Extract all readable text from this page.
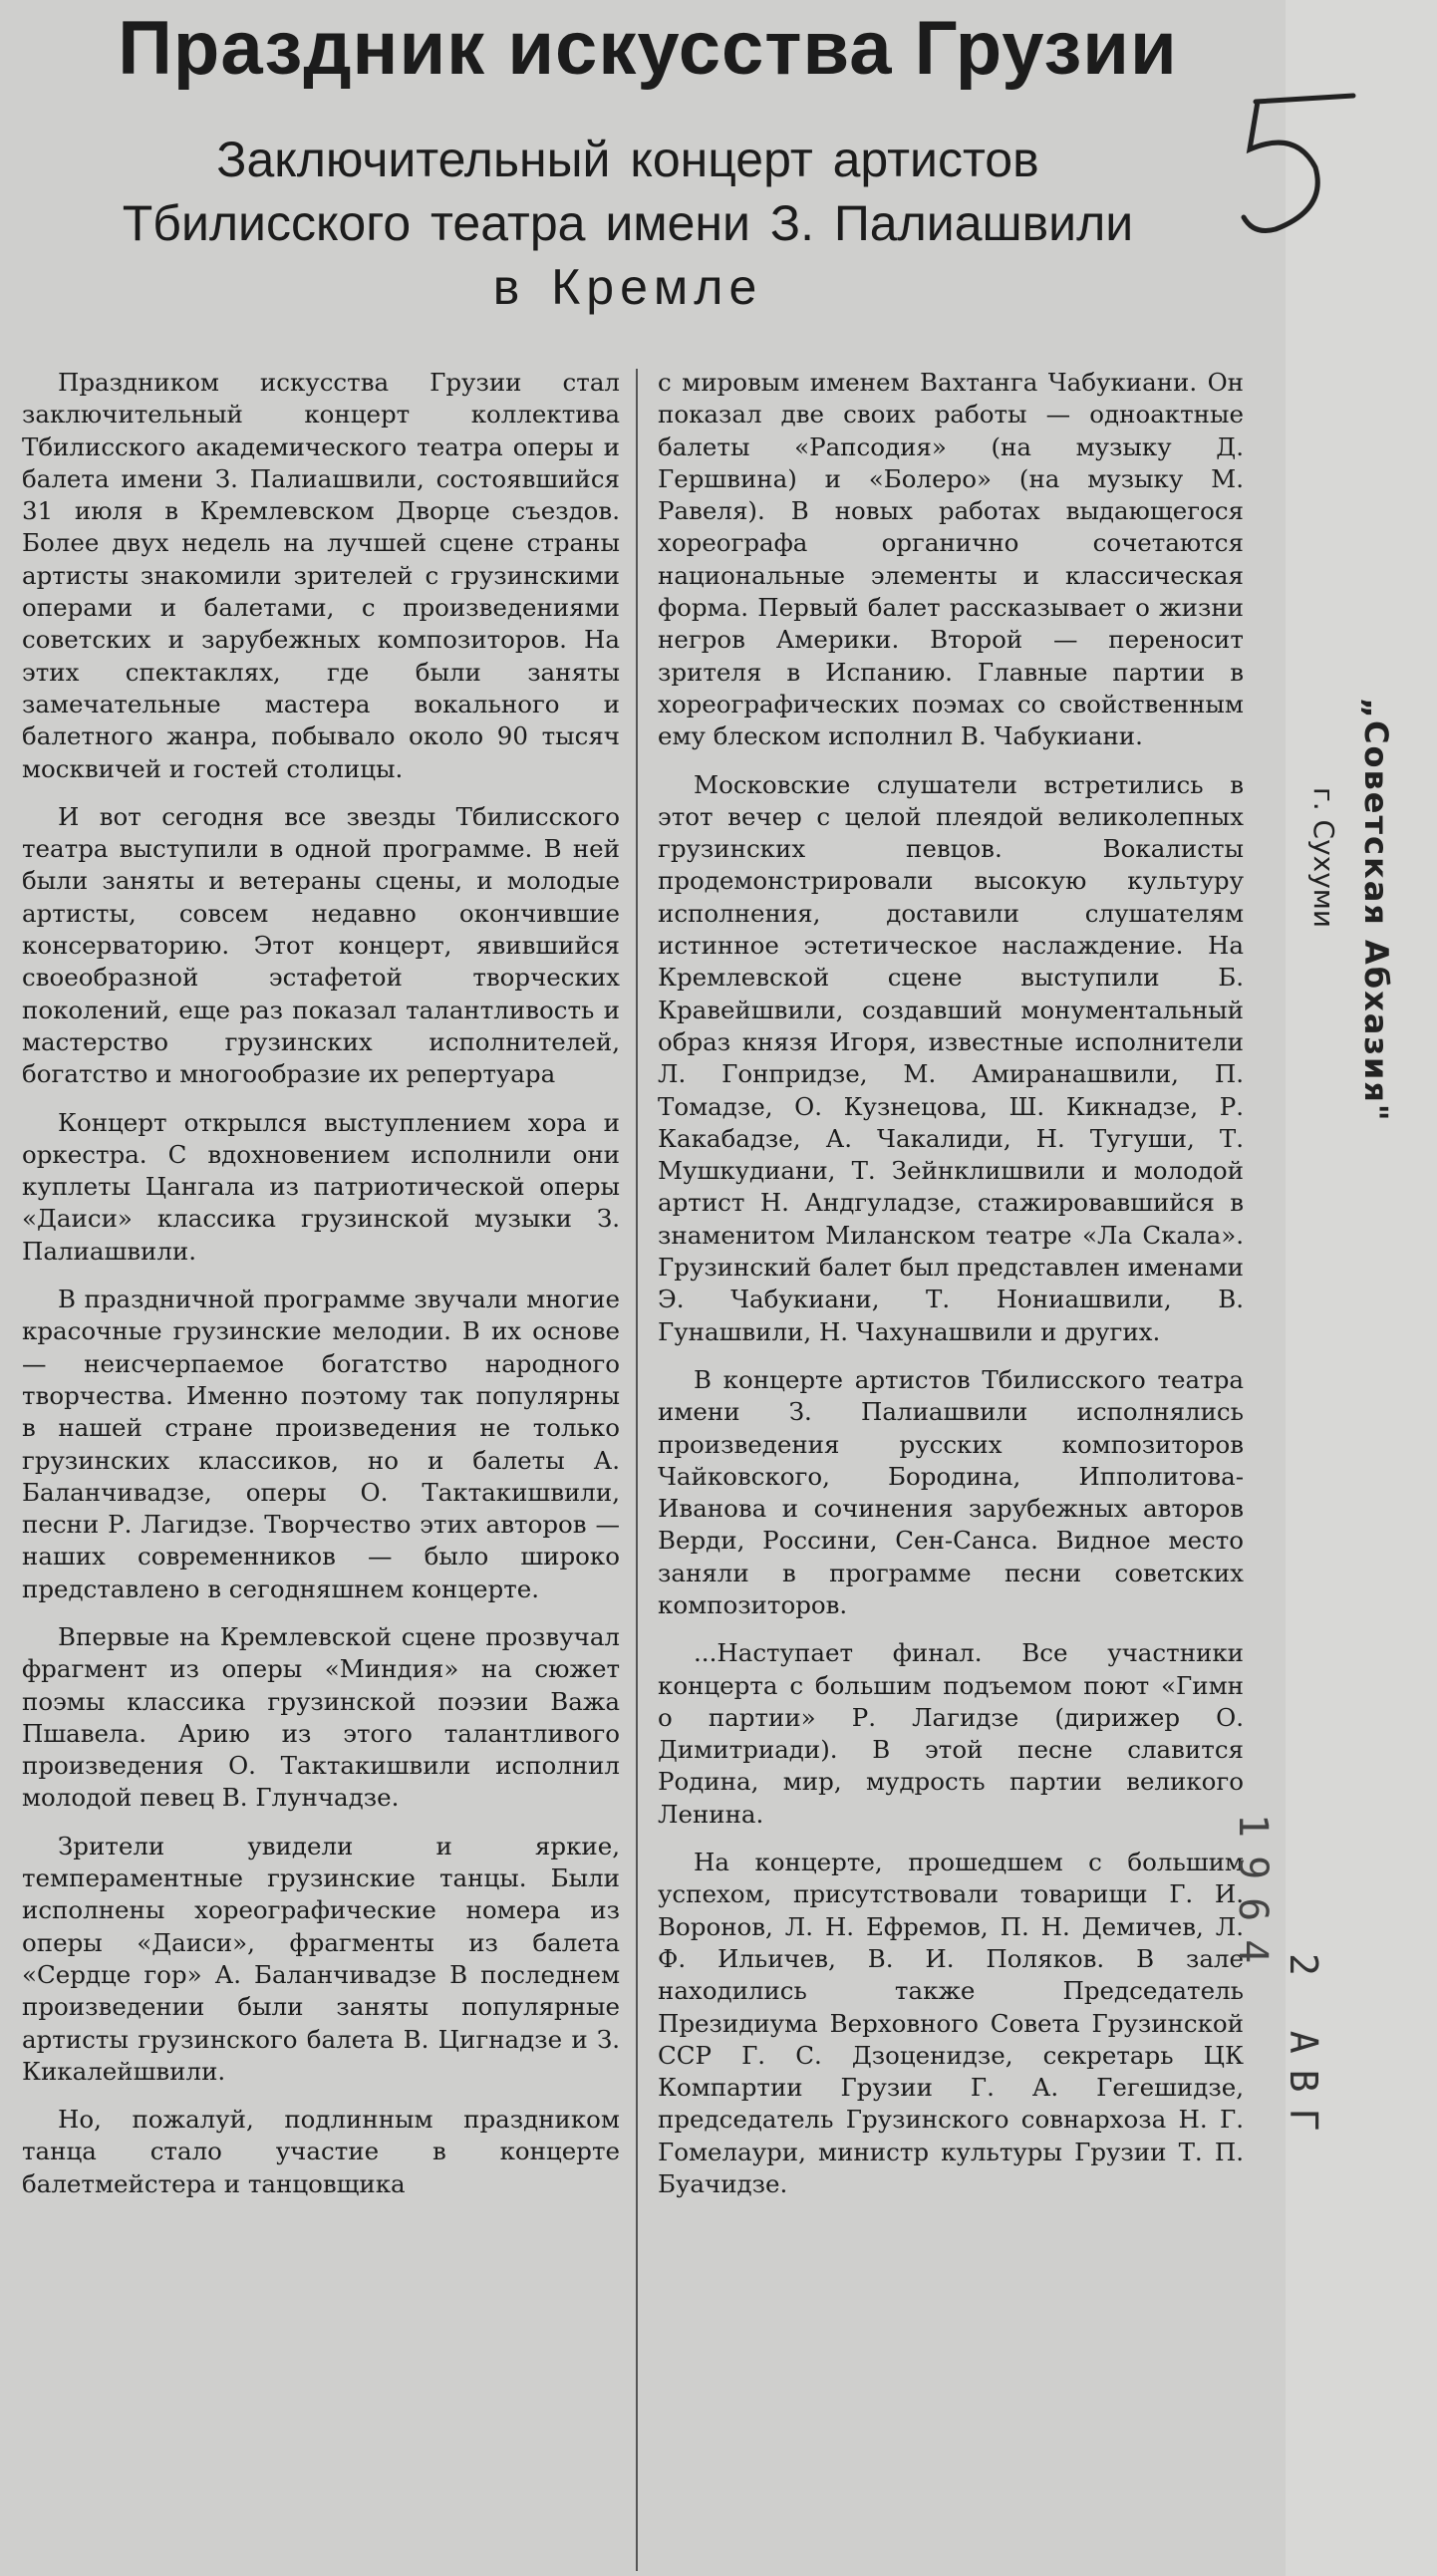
Праздник искусства Грузии
Заключительный концерт артистов
Тбилисского театра имени З. Палиашвили
в Кремле

Праздником искусства Грузии стал заключительный концерт коллектива Тбилисского академического театра оперы и балета имени З. Палиашвили, состоявшийся 31 июля в Кремлевском Дворце съездов. Более двух недель на лучшей сцене страны артисты знакомили зрителей с грузинскими операми и балетами, с произведениями советских и зарубежных композиторов. На этих спектаклях, где были заняты замечательные мастера вокального и балетного жанра, побывало около 90 тысяч москвичей и гостей столицы.

И вот сегодня все звезды Тбилисского театра выступили в одной программе. В ней были заняты и ветераны сцены, и молодые артисты, совсем недавно окончившие консерваторию. Этот концерт, явившийся своеобразной эстафетой творческих поколений, еще раз показал талантливость и мастерство грузинских исполнителей, богатство и многообразие их репертуара

Концерт открылся выступлением хора и оркестра. С вдохновением исполнили они куплеты Цангала из патриотической оперы «Даиси» классика грузинской музыки З. Палиашвили.

В праздничной программе звучали многие красочные грузинские мелодии. В их основе — неисчерпаемое богатство народного творчества. Именно поэтому так популярны в нашей стране произведения не только грузинских классиков, но и балеты А. Баланчивадзе, оперы О. Тактакишвили, песни Р. Лагидзе. Творчество этих авторов — наших современников — было широко представлено в сегодняшнем концерте.

Впервые на Кремлевской сцене прозвучал фрагмент из оперы «Миндия» на сюжет поэмы классика грузинской поэзии Важа Пшавела. Арию из этого талантливого произведения О. Тактакишвили исполнил молодой певец В. Глунчадзе.

Зрители увидели и яркие, темпераментные грузинские танцы. Были исполнены хореографические номера из оперы «Даиси», фрагменты из балета «Сердце гор» А. Баланчивадзе В последнем произведении были заняты популярные артисты грузинского балета В. Цигнадзе и З. Кикалейшвили.

Но, пожалуй, подлинным праздником танца стало участие в концерте балетмейстера и танцовщика

с мировым именем Вахтанга Чабукиани. Он показал две своих работы — одноактные балеты «Рапсодия» (на музыку Д. Гершвина) и «Болеро» (на музыку М. Равеля). В новых работах выдающегося хореографа органично сочетаются национальные элементы и классическая форма. Первый балет рассказывает о жизни негров Америки. Второй — переносит зрителя в Испанию. Главные партии в хореографических поэмах со свойственным ему блеском исполнил В. Чабукиани.

Московские слушатели встретились в этот вечер с целой плеядой великолепных грузинских певцов. Вокалисты продемонстрировали высокую культуру исполнения, доставили слушателям истинное эстетическое наслаждение. На Кремлевской сцене выступили Б. Кравейшвили, создавший монументальный образ князя Игоря, известные исполнители Л. Гонпридзе, М. Амиранашвили, П. Томадзе, О. Кузнецова, Ш. Кикнадзе, Р. Какабадзе, А. Чакалиди, Н. Тугуши, Т. Мушкудиани, Т. Зейнклишвили и молодой артист Н. Андгуладзе, стажировавшийся в знаменитом Миланском театре «Ла Скала». Грузинский балет был представлен именами Э. Чабукиани, Т. Нониашвили, В. Гунашвили, Н. Чахунашвили и других.

В концерте артистов Тбилисского театра имени З. Палиашвили исполнялись произведения русских композиторов Чайковского, Бородина, Ипполитова-Иванова и сочинения зарубежных авторов Верди, Россини, Сен-Санса. Видное место заняли в программе песни советских композиторов.

...Наступает финал. Все участники концерта с большим подъемом поют «Гимн о партии» Р. Лагидзе (дирижер О. Димитриади). В этой песне славится Родина, мир, мудрость партии великого Ленина.

На концерте, прошедшем с большим успехом, присутствовали товарищи Г. И. Воронов, Л. Н. Ефремов, П. Н. Демичев, Л. Ф. Ильичев, В. И. Поляков. В зале находились также Председатель Президиума Верховного Совета Грузинской ССР Г. С. Дзоценидзе, секретарь ЦК Компартии Грузии Г. А. Гегешидзе, председатель Грузинского совнархоза Н. Г. Гомелаури, министр культуры Грузии Т. П. Буачидзе.

„Советская Абхазия"
г. Сухуми
2 АВГ
1964
